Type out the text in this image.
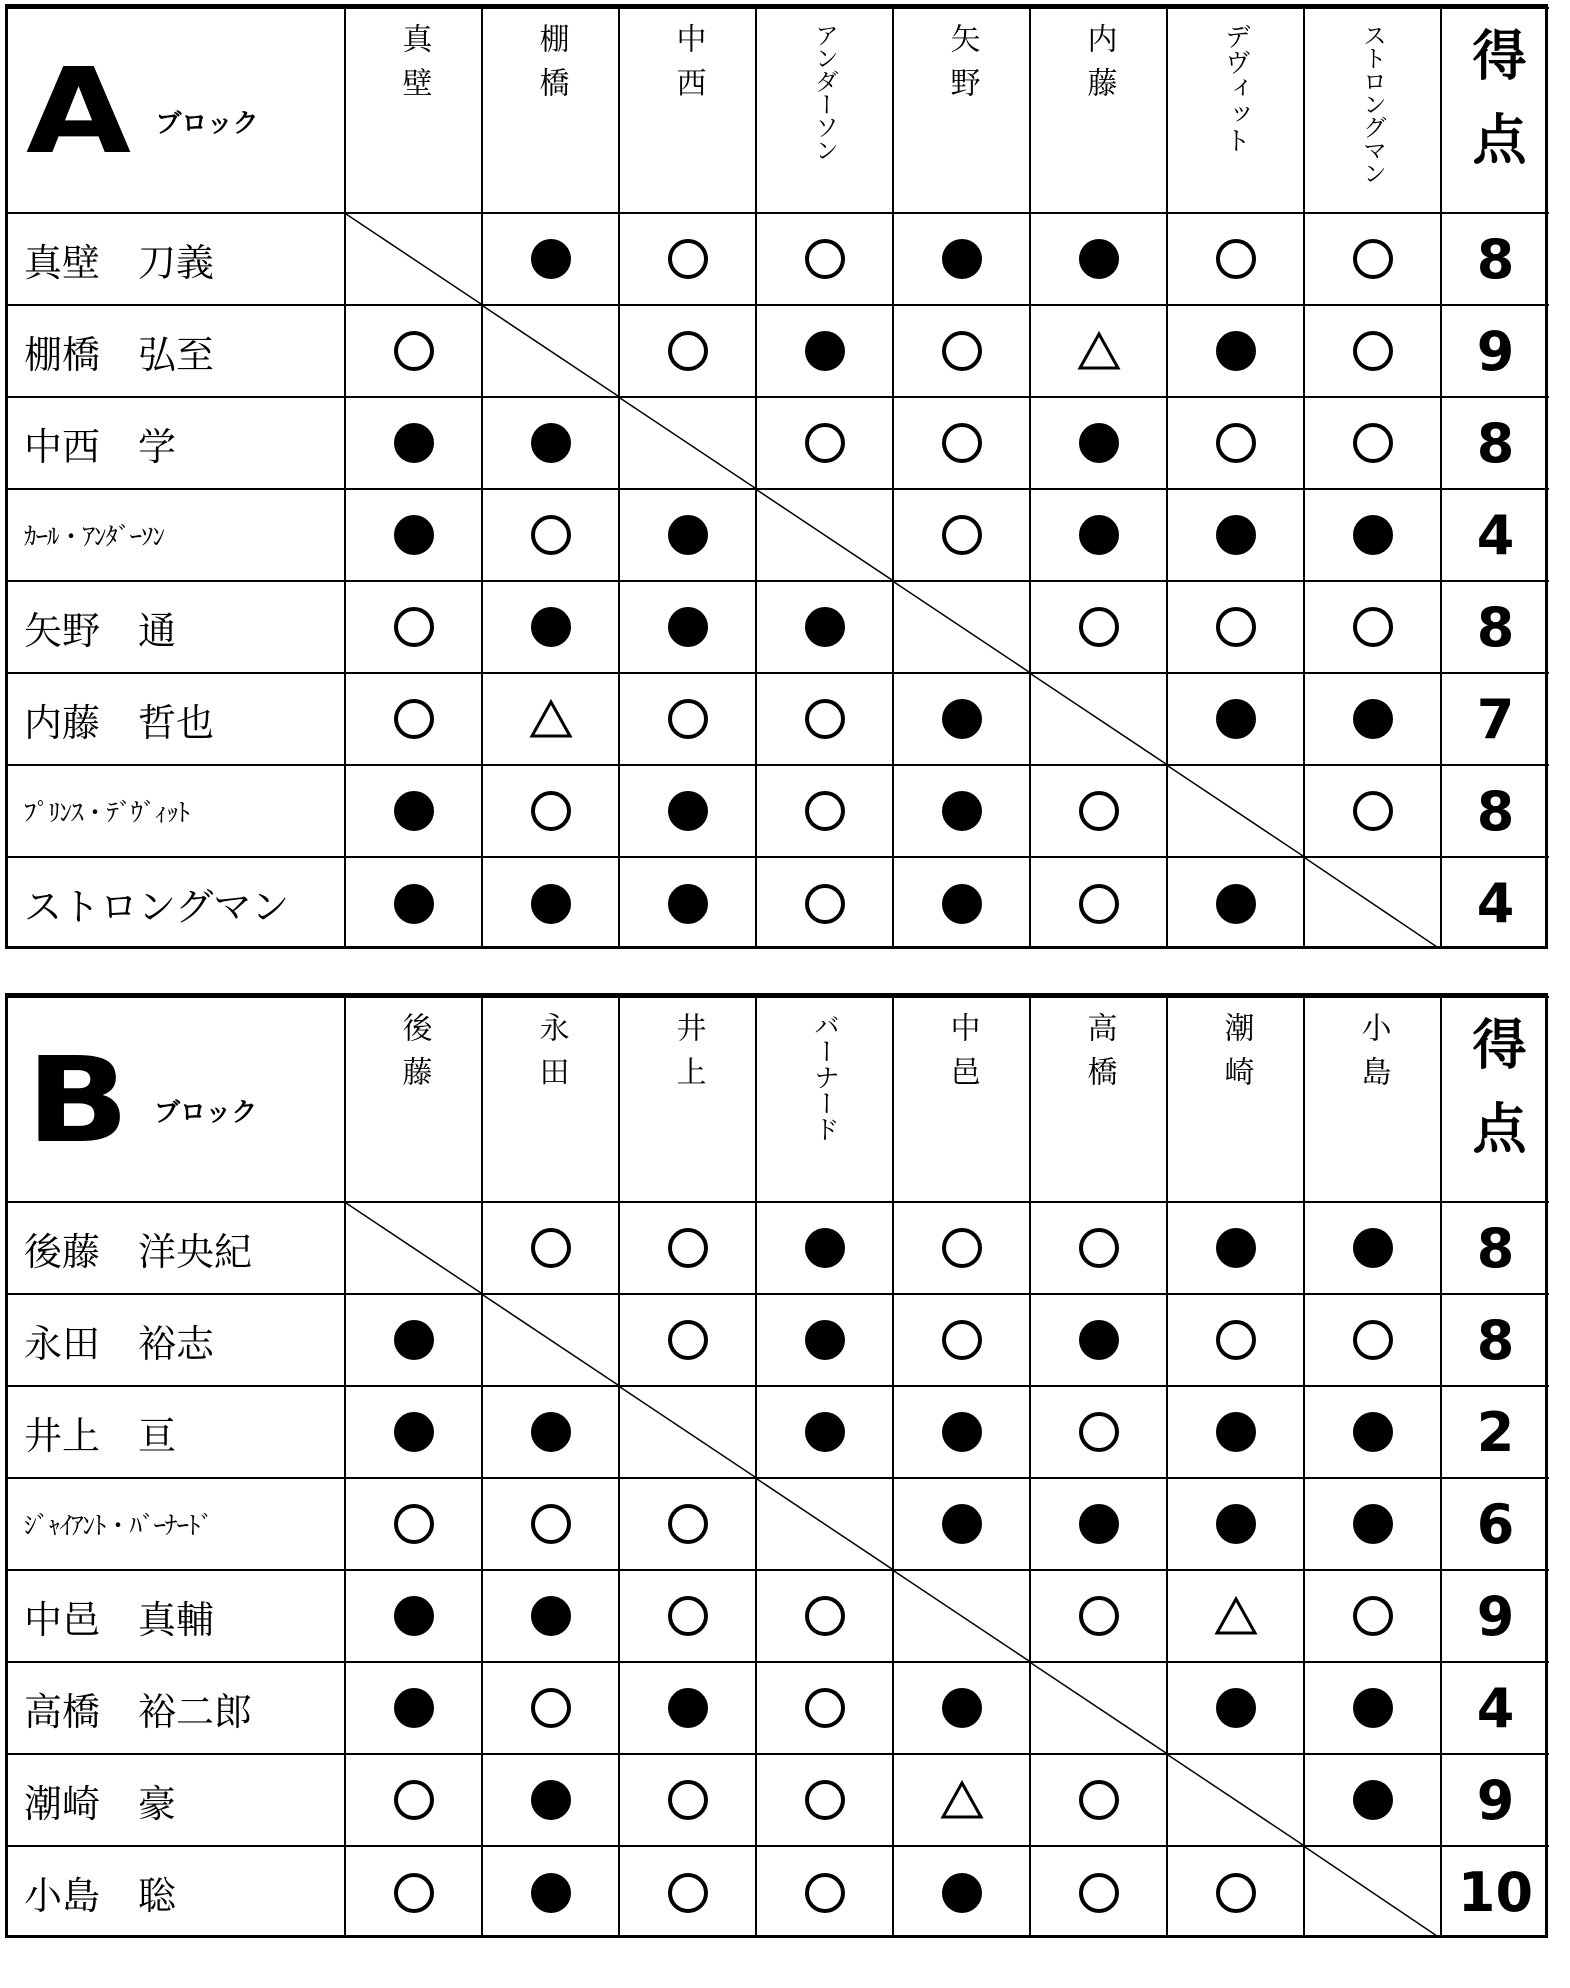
A ブロック	真壁	棚橋	中西	アンダーソン	矢野	内藤	デヴィット	ストロングマン	得点
真壁　刀義									8
棚橋　弘至									9
中西　学									8
ｶｰﾙ・ｱﾝﾀﾞｰｿﾝ									4
矢野　通									8
内藤　哲也									7
ﾌﾟﾘﾝｽ・ﾃﾞｳﾞｨｯﾄ									8
ストロングマン									4
B ブロック	後藤	永田	井上	バーナード	中邑	高橋	潮崎	小島	得点
後藤　洋央紀									8
永田　裕志									8
井上　亘									2
ｼﾞｬｲｱﾝﾄ・ﾊﾞｰﾅｰﾄﾞ									6
中邑　真輔									9
高橋　裕二郎									4
潮崎　豪									9
小島　聡									10
